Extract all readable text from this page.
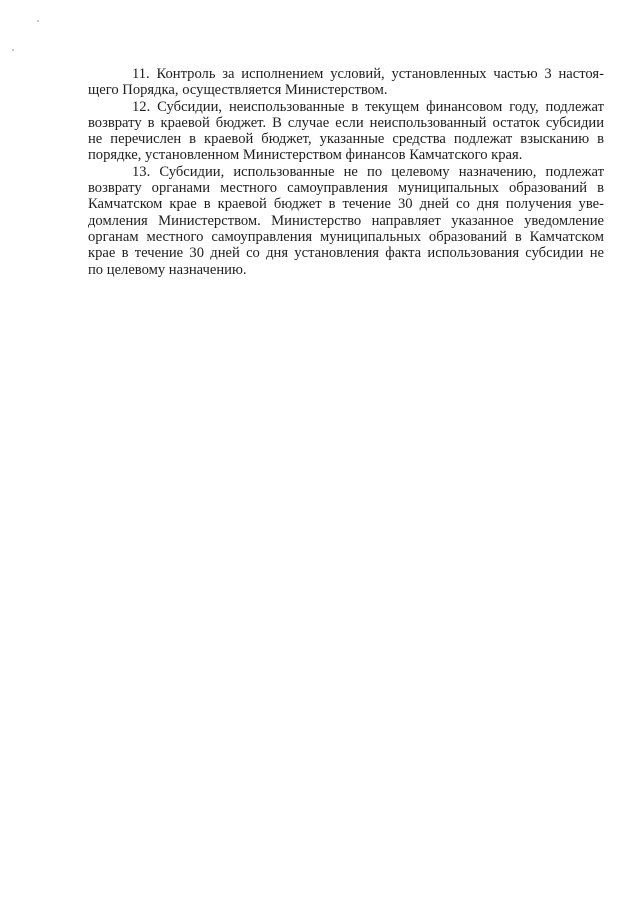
11. Контроль за исполнением условий, установленных частью 3 настоя-
щего Порядка, осуществляется Министерством.
12. Субсидии, неиспользованные в текущем финансовом году, подлежат
возврату в краевой бюджет. В случае если неиспользованный остаток субсидии
не перечислен в краевой бюджет, указанные средства подлежат взысканию в
порядке, установленном Министерством финансов Камчатского края.
13. Субсидии, использованные не по целевому назначению, подлежат
возврату органами местного самоуправления муниципальных образований в
Камчатском крае в краевой бюджет в течение 30 дней со дня получения уве-
домления Министерством. Министерство направляет указанное уведомление
органам местного самоуправления муниципальных образований в Камчатском
крае в течение 30 дней со дня установления факта использования субсидии не
по целевому назначению.
